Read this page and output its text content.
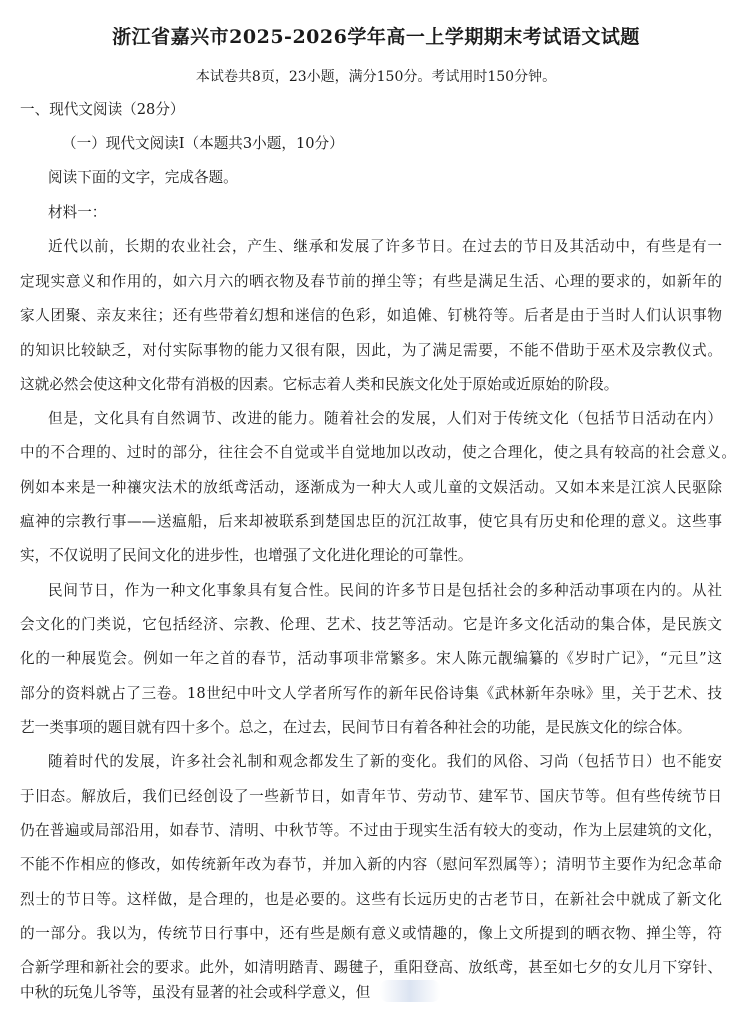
浙江省嘉兴市2025-2026学年高一上学期期末考试语文试题

本试卷共8页，23小题，满分150分。考试用时150分钟。

一、现代文阅读（28分）

（一）现代文阅读Ⅰ（本题共3小题，10分）

阅读下面的文字，完成各题。

材料一：

近代以前，长期的农业社会，产生、继承和发展了许多节日。在过去的节日及其活动中，有些是有一

定现实意义和作用的，如六月六的晒衣物及春节前的掸尘等；有些是满足生活、心理的要求的，如新年的

家人团聚、亲友来往；还有些带着幻想和迷信的色彩，如追傩、钉桃符等。后者是由于当时人们认识事物

的知识比较缺乏，对付实际事物的能力又很有限，因此，为了满足需要，不能不借助于巫术及宗教仪式。

这就必然会使这种文化带有消极的因素。它标志着人类和民族文化处于原始或近原始的阶段。

但是，文化具有自然调节、改进的能力。随着社会的发展，人们对于传统文化（包括节日活动在内）

中的不合理的、过时的部分，往往会不自觉或半自觉地加以改动，使之合理化，使之具有较高的社会意义。

例如本来是一种禳灾法术的放纸鸢活动，逐渐成为一种大人或儿童的文娱活动。又如本来是江滨人民驱除

瘟神的宗教行事——送瘟船，后来却被联系到楚国忠臣的沉江故事，使它具有历史和伦理的意义。这些事

实，不仅说明了民间文化的进步性，也增强了文化进化理论的可靠性。

民间节日，作为一种文化事象具有复合性。民间的许多节日是包括社会的多种活动事项在内的。从社

会文化的门类说，它包括经济、宗教、伦理、艺术、技艺等活动。它是许多文化活动的集合体，是民族文

化的一种展览会。例如一年之首的春节，活动事项非常繁多。宋人陈元靓编纂的《岁时广记》，“元旦”这

部分的资料就占了三卷。18世纪中叶文人学者所写作的新年民俗诗集《武林新年杂咏》里，关于艺术、技

艺一类事项的题目就有四十多个。总之，在过去，民间节日有着各种社会的功能，是民族文化的综合体。

随着时代的发展，许多社会礼制和观念都发生了新的变化。我们的风俗、习尚（包括节日）也不能安

于旧态。解放后，我们已经创设了一些新节日，如青年节、劳动节、建军节、国庆节等。但有些传统节日

仍在普遍或局部沿用，如春节、清明、中秋节等。不过由于现实生活有较大的变动，作为上层建筑的文化，

不能不作相应的修改，如传统新年改为春节，并加入新的内容（慰问军烈属等）；清明节主要作为纪念革命

烈士的节日等。这样做，是合理的，也是必要的。这些有长远历史的古老节日，在新社会中就成了新文化

的一部分。我以为，传统节日行事中，还有些是颇有意义或情趣的，像上文所提到的晒衣物、掸尘等，符

合新学理和新社会的要求。此外，如清明踏青、踢毽子，重阳登高、放纸鸢，甚至如七夕的女儿月下穿针、

中秋的玩兔儿爷等，虽没有显著的社会或科学意义，但
